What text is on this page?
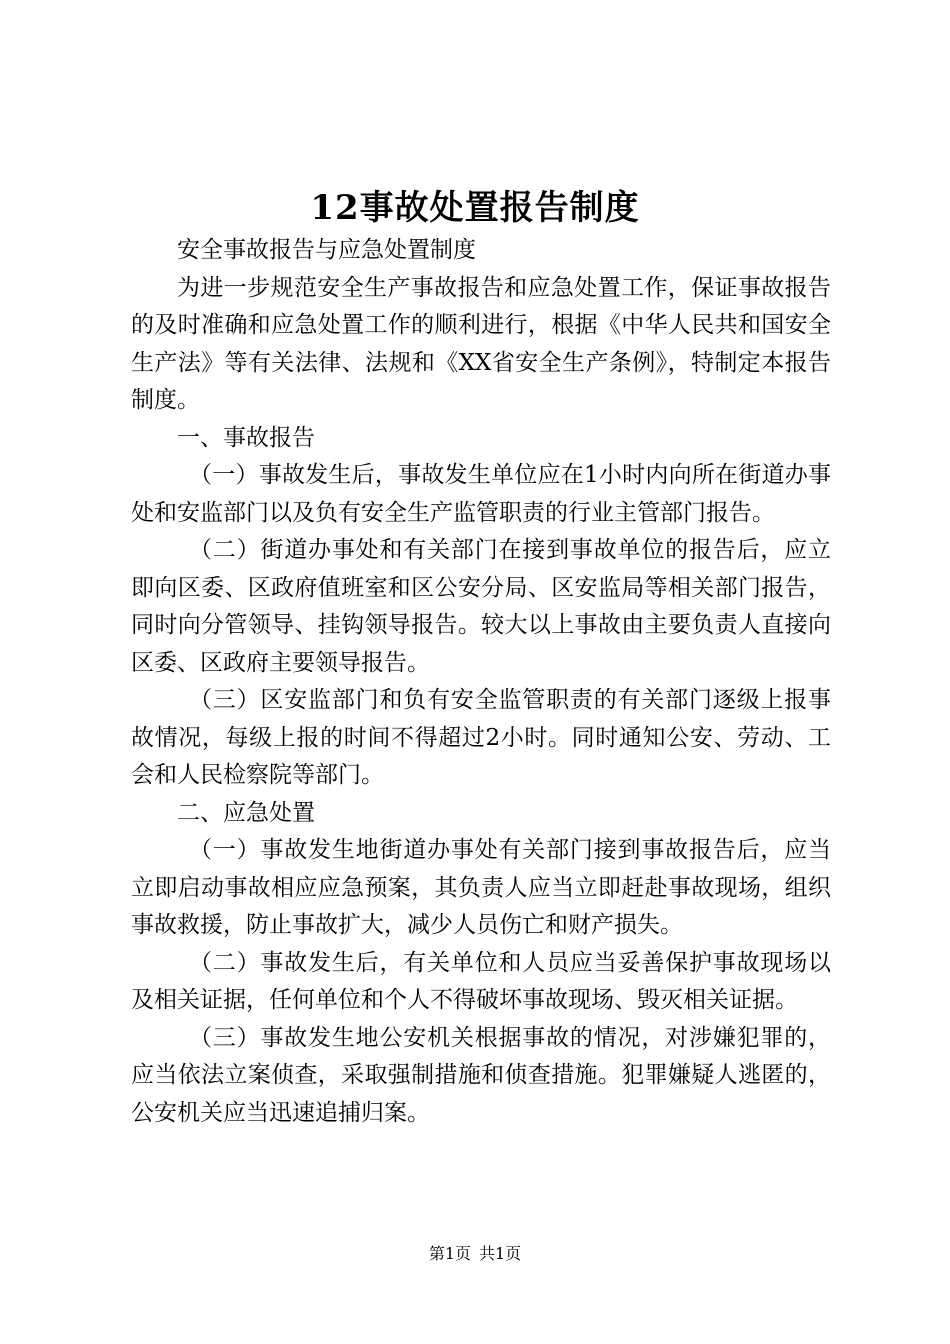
12事故处置报告制度

安全事故报告与应急处置制度

为进一步规范安全生产事故报告和应急处置工作，保证事故报告的及时准确和应急处置工作的顺利进行，根据《中华人民共和国安全生产法》等有关法律、法规和《XX省安全生产条例》，特制定本报告制度。

一、事故报告

（一）事故发生后，事故发生单位应在1小时内向所在街道办事处和安监部门以及负有安全生产监管职责的行业主管部门报告。

（二）街道办事处和有关部门在接到事故单位的报告后，应立即向区委、区政府值班室和区公安分局、区安监局等相关部门报告，同时向分管领导、挂钩领导报告。较大以上事故由主要负责人直接向区委、区政府主要领导报告。

（三）区安监部门和负有安全监管职责的有关部门逐级上报事故情况，每级上报的时间不得超过2小时。同时通知公安、劳动、工会和人民检察院等部门。

二、应急处置

（一）事故发生地街道办事处有关部门接到事故报告后，应当立即启动事故相应应急预案，其负责人应当立即赶赴事故现场，组织事故救援，防止事故扩大，减少人员伤亡和财产损失。

（二）事故发生后，有关单位和人员应当妥善保护事故现场以及相关证据，任何单位和个人不得破坏事故现场、毁灭相关证据。

（三）事故发生地公安机关根据事故的情况，对涉嫌犯罪的，应当依法立案侦查，采取强制措施和侦查措施。犯罪嫌疑人逃匿的，公安机关应当迅速追捕归案。

第1页 共1页
